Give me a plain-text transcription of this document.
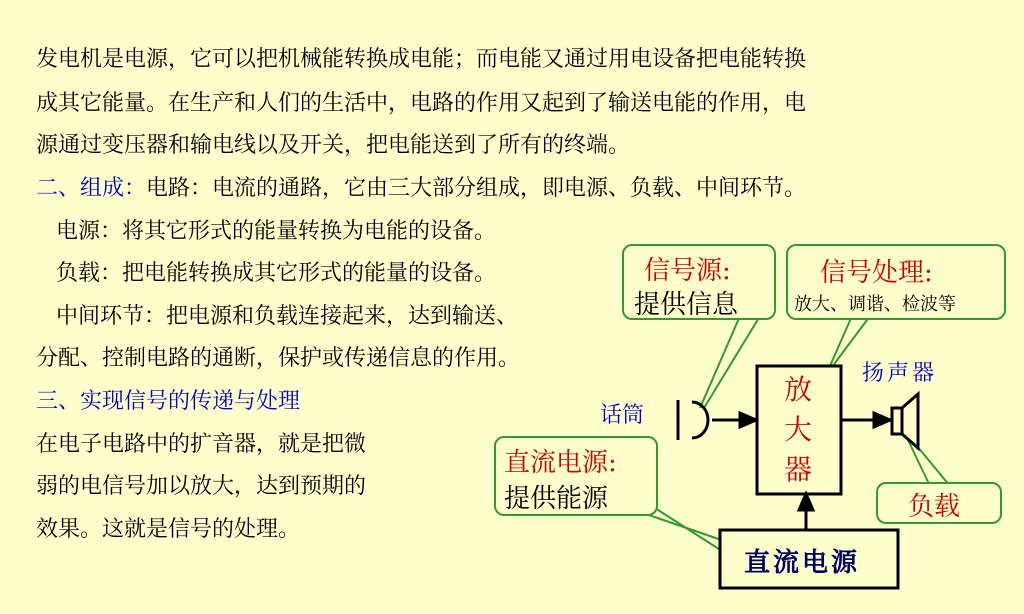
发电机是电源，它可以把机械能转换成电能；而电能又通过用电设备把电能转换
成其它能量。在生产和人们的生活中，电路的作用又起到了输送电能的作用，电
源通过变压器和输电线以及开关，把电能送到了所有的终端。
二、组成：电路：电流的通路，它由三大部分组成，即电源、负载、中间环节。
电源：将其它形式的能量转换为电能的设备。
负载：把电能转换成其它形式的能量的设备。
中间环节：把电源和负载连接起来，达到输送、
分配、控制电路的通断，保护或传递信息的作用。
三、实现信号的传递与处理
在电子电路中的扩音器，就是把微
弱的电信号加以放大，达到预期的
效果。这就是信号的处理。
信号源:
提供信息
信号处理:
放大、调谐、检波等
话筒
扬声器
放
大
器
直流电源:
提供能源	负载
直流电源
